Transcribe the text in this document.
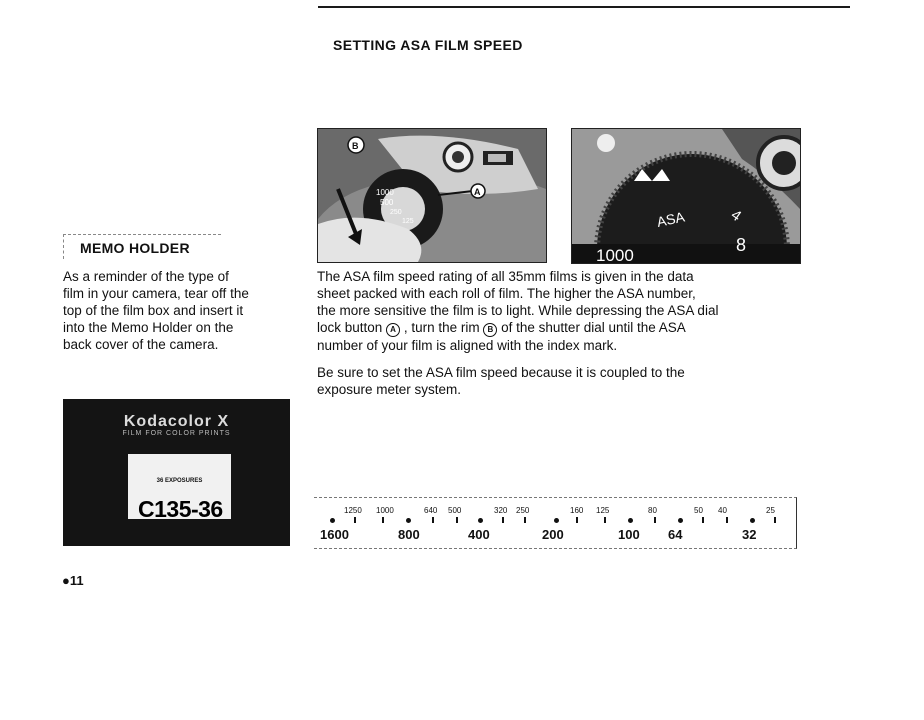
SETTING ASA FILM SPEED
1000
500
250
125
A
B
ASA
1000
8
4
MEMO HOLDER
As a reminder of the type of
film in your camera, tear off the
top of the film box and insert it
into the Memo Holder on the
back cover of the camera.
The ASA film speed rating of all 35mm films is given in the data
sheet packed with each roll of film. The higher the ASA number,
the more sensitive the film is to light. While depressing the ASA dial
lock button A , turn the rim B of the shutter dial until the ASA
number of your film is aligned with the index mark.
Be sure to set the ASA film speed because it is coupled to the
exposure meter system.
Kodacolor X
FILM FOR COLOR PRINTS
36 EXPOSURES
C135-36	1250 1000	640 500	320 250	160 125	80	50 40	25
1600	800	400	200	100 64	32
●11
